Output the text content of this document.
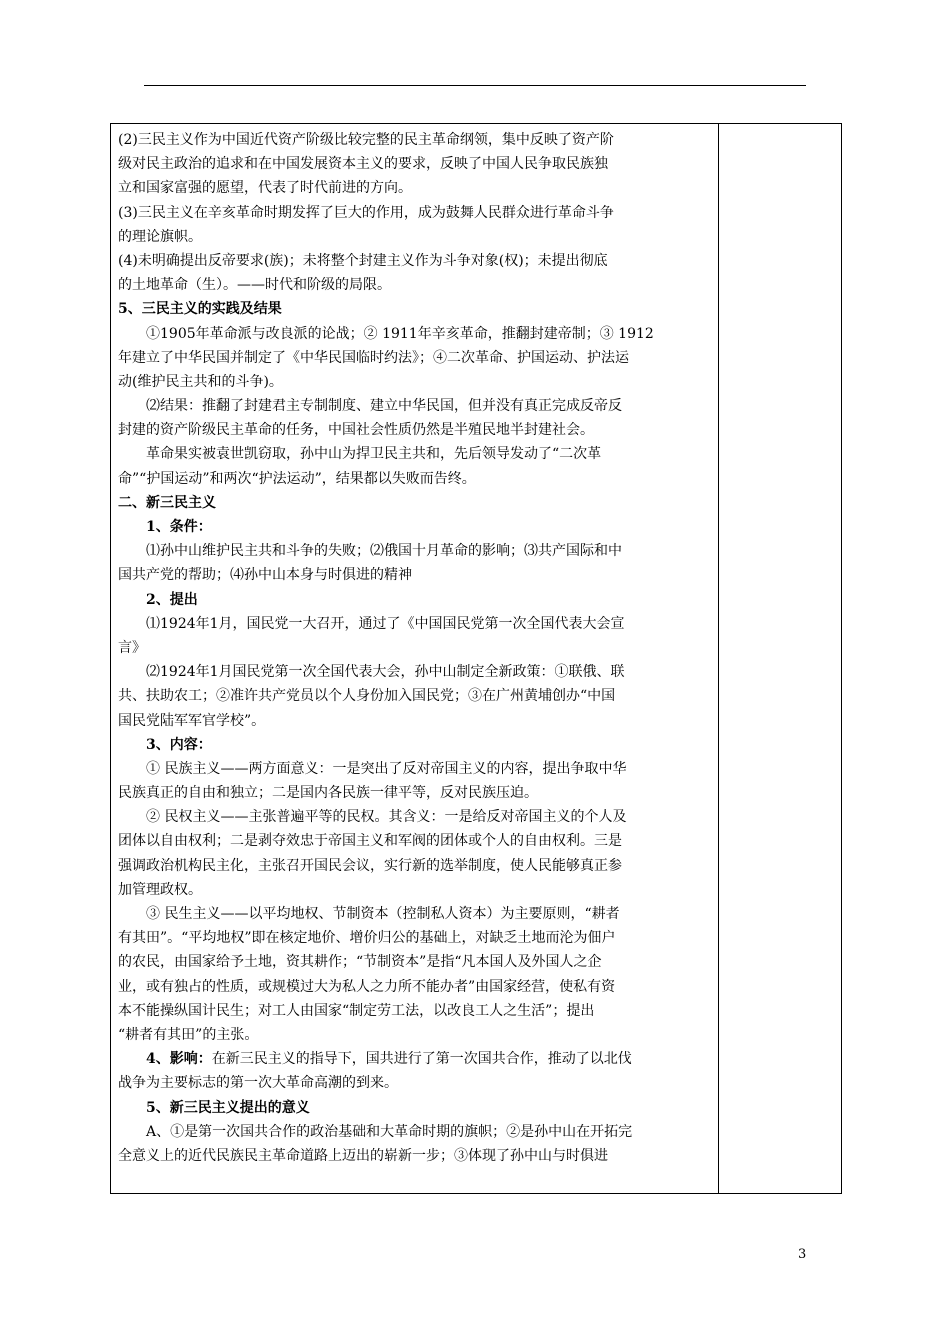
(2)三民主义作为中国近代资产阶级比较完整的民主革命纲领，集中反映了资产阶
级对民主政治的追求和在中国发展资本主义的要求，反映了中国人民争取民族独
立和国家富强的愿望，代表了时代前进的方向。
(3)三民主义在辛亥革命时期发挥了巨大的作用，成为鼓舞人民群众进行革命斗争
的理论旗帜。
(4)未明确提出反帝要求(族)；未将整个封建主义作为斗争对象(权)；未提出彻底
的土地革命（生）。——时代和阶级的局限。
5、三民主义的实践及结果
①1905年革命派与改良派的论战；② 1911年辛亥革命，推翻封建帝制；③ 1912
年建立了中华民国并制定了《中华民国临时约法》；④二次革命、护国运动、护法运
动(维护民主共和的斗争)。
⑵结果：推翻了封建君主专制制度、建立中华民国，但并没有真正完成反帝反
封建的资产阶级民主革命的任务，中国社会性质仍然是半殖民地半封建社会。
革命果实被袁世凯窃取，孙中山为捍卫民主共和，先后领导发动了“二次革
命”“护国运动”和两次“护法运动”，结果都以失败而告终。
二、新三民主义
1、条件：
⑴孙中山维护民主共和斗争的失败；⑵俄国十月革命的影响；⑶共产国际和中
国共产党的帮助；⑷孙中山本身与时俱进的精神
2、提出
⑴1924年1月，国民党一大召开，通过了《中国国民党第一次全国代表大会宣
言》
⑵1924年1月国民党第一次全国代表大会，孙中山制定全新政策：①联俄、联
共、扶助农工；②准许共产党员以个人身份加入国民党；③在广州黄埔创办“中国
国民党陆军军官学校”。
3、内容：
① 民族主义——两方面意义：一是突出了反对帝国主义的内容，提出争取中华
民族真正的自由和独立；二是国内各民族一律平等，反对民族压迫。
② 民权主义——主张普遍平等的民权。其含义：一是给反对帝国主义的个人及
团体以自由权利；二是剥夺效忠于帝国主义和军阀的团体或个人的自由权利。三是
强调政治机构民主化，主张召开国民会议，实行新的选举制度，使人民能够真正参
加管理政权。
③ 民生主义——以平均地权、节制资本（控制私人资本）为主要原则，“耕者
有其田”。“平均地权”即在核定地价、增价归公的基础上，对缺乏土地而沦为佃户
的农民，由国家给予土地，资其耕作；“节制资本”是指“凡本国人及外国人之企
业，或有独占的性质，或规模过大为私人之力所不能办者”由国家经营，使私有资
本不能操纵国计民生；对工人由国家“制定劳工法，以改良工人之生活”；提出
“耕者有其田”的主张。
4、影响：在新三民主义的指导下，国共进行了第一次国共合作，推动了以北伐
战争为主要标志的第一次大革命高潮的到来。
5、新三民主义提出的意义
A、①是第一次国共合作的政治基础和大革命时期的旗帜；②是孙中山在开拓完
全意义上的近代民族民主革命道路上迈出的崭新一步；③体现了孙中山与时俱进
3
